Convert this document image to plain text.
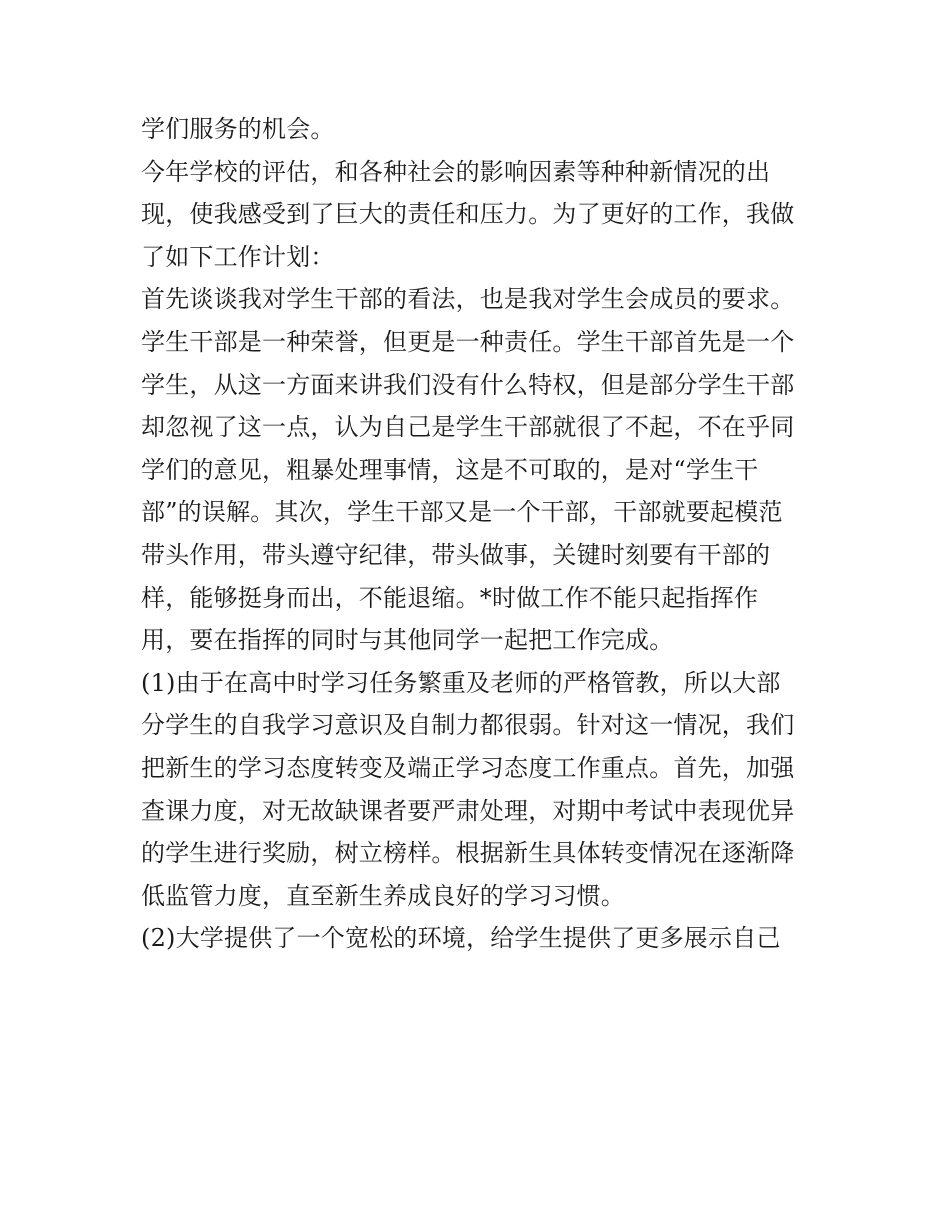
学们服务的机会。
今年学校的评估，和各种社会的影响因素等种种新情况的出
现，使我感受到了巨大的责任和压力。为了更好的工作，我做
了如下工作计划：
首先谈谈我对学生干部的看法，也是我对学生会成员的要求。
学生干部是一种荣誉，但更是一种责任。学生干部首先是一个
学生，从这一方面来讲我们没有什么特权，但是部分学生干部
却忽视了这一点，认为自己是学生干部就很了不起，不在乎同
学们的意见，粗暴处理事情，这是不可取的，是对“学生干
部”的误解。其次，学生干部又是一个干部，干部就要起模范
带头作用，带头遵守纪律，带头做事，关键时刻要有干部的
样，能够挺身而出，不能退缩。*时做工作不能只起指挥作
用，要在指挥的同时与其他同学一起把工作完成。
(1)由于在高中时学习任务繁重及老师的严格管教，所以大部
分学生的自我学习意识及自制力都很弱。针对这一情况，我们
把新生的学习态度转变及端正学习态度工作重点。首先，加强
查课力度，对无故缺课者要严肃处理，对期中考试中表现优异
的学生进行奖励，树立榜样。根据新生具体转变情况在逐渐降
低监管力度，直至新生养成良好的学习习惯。
(2)大学提供了一个宽松的环境，给学生提供了更多展示自己
